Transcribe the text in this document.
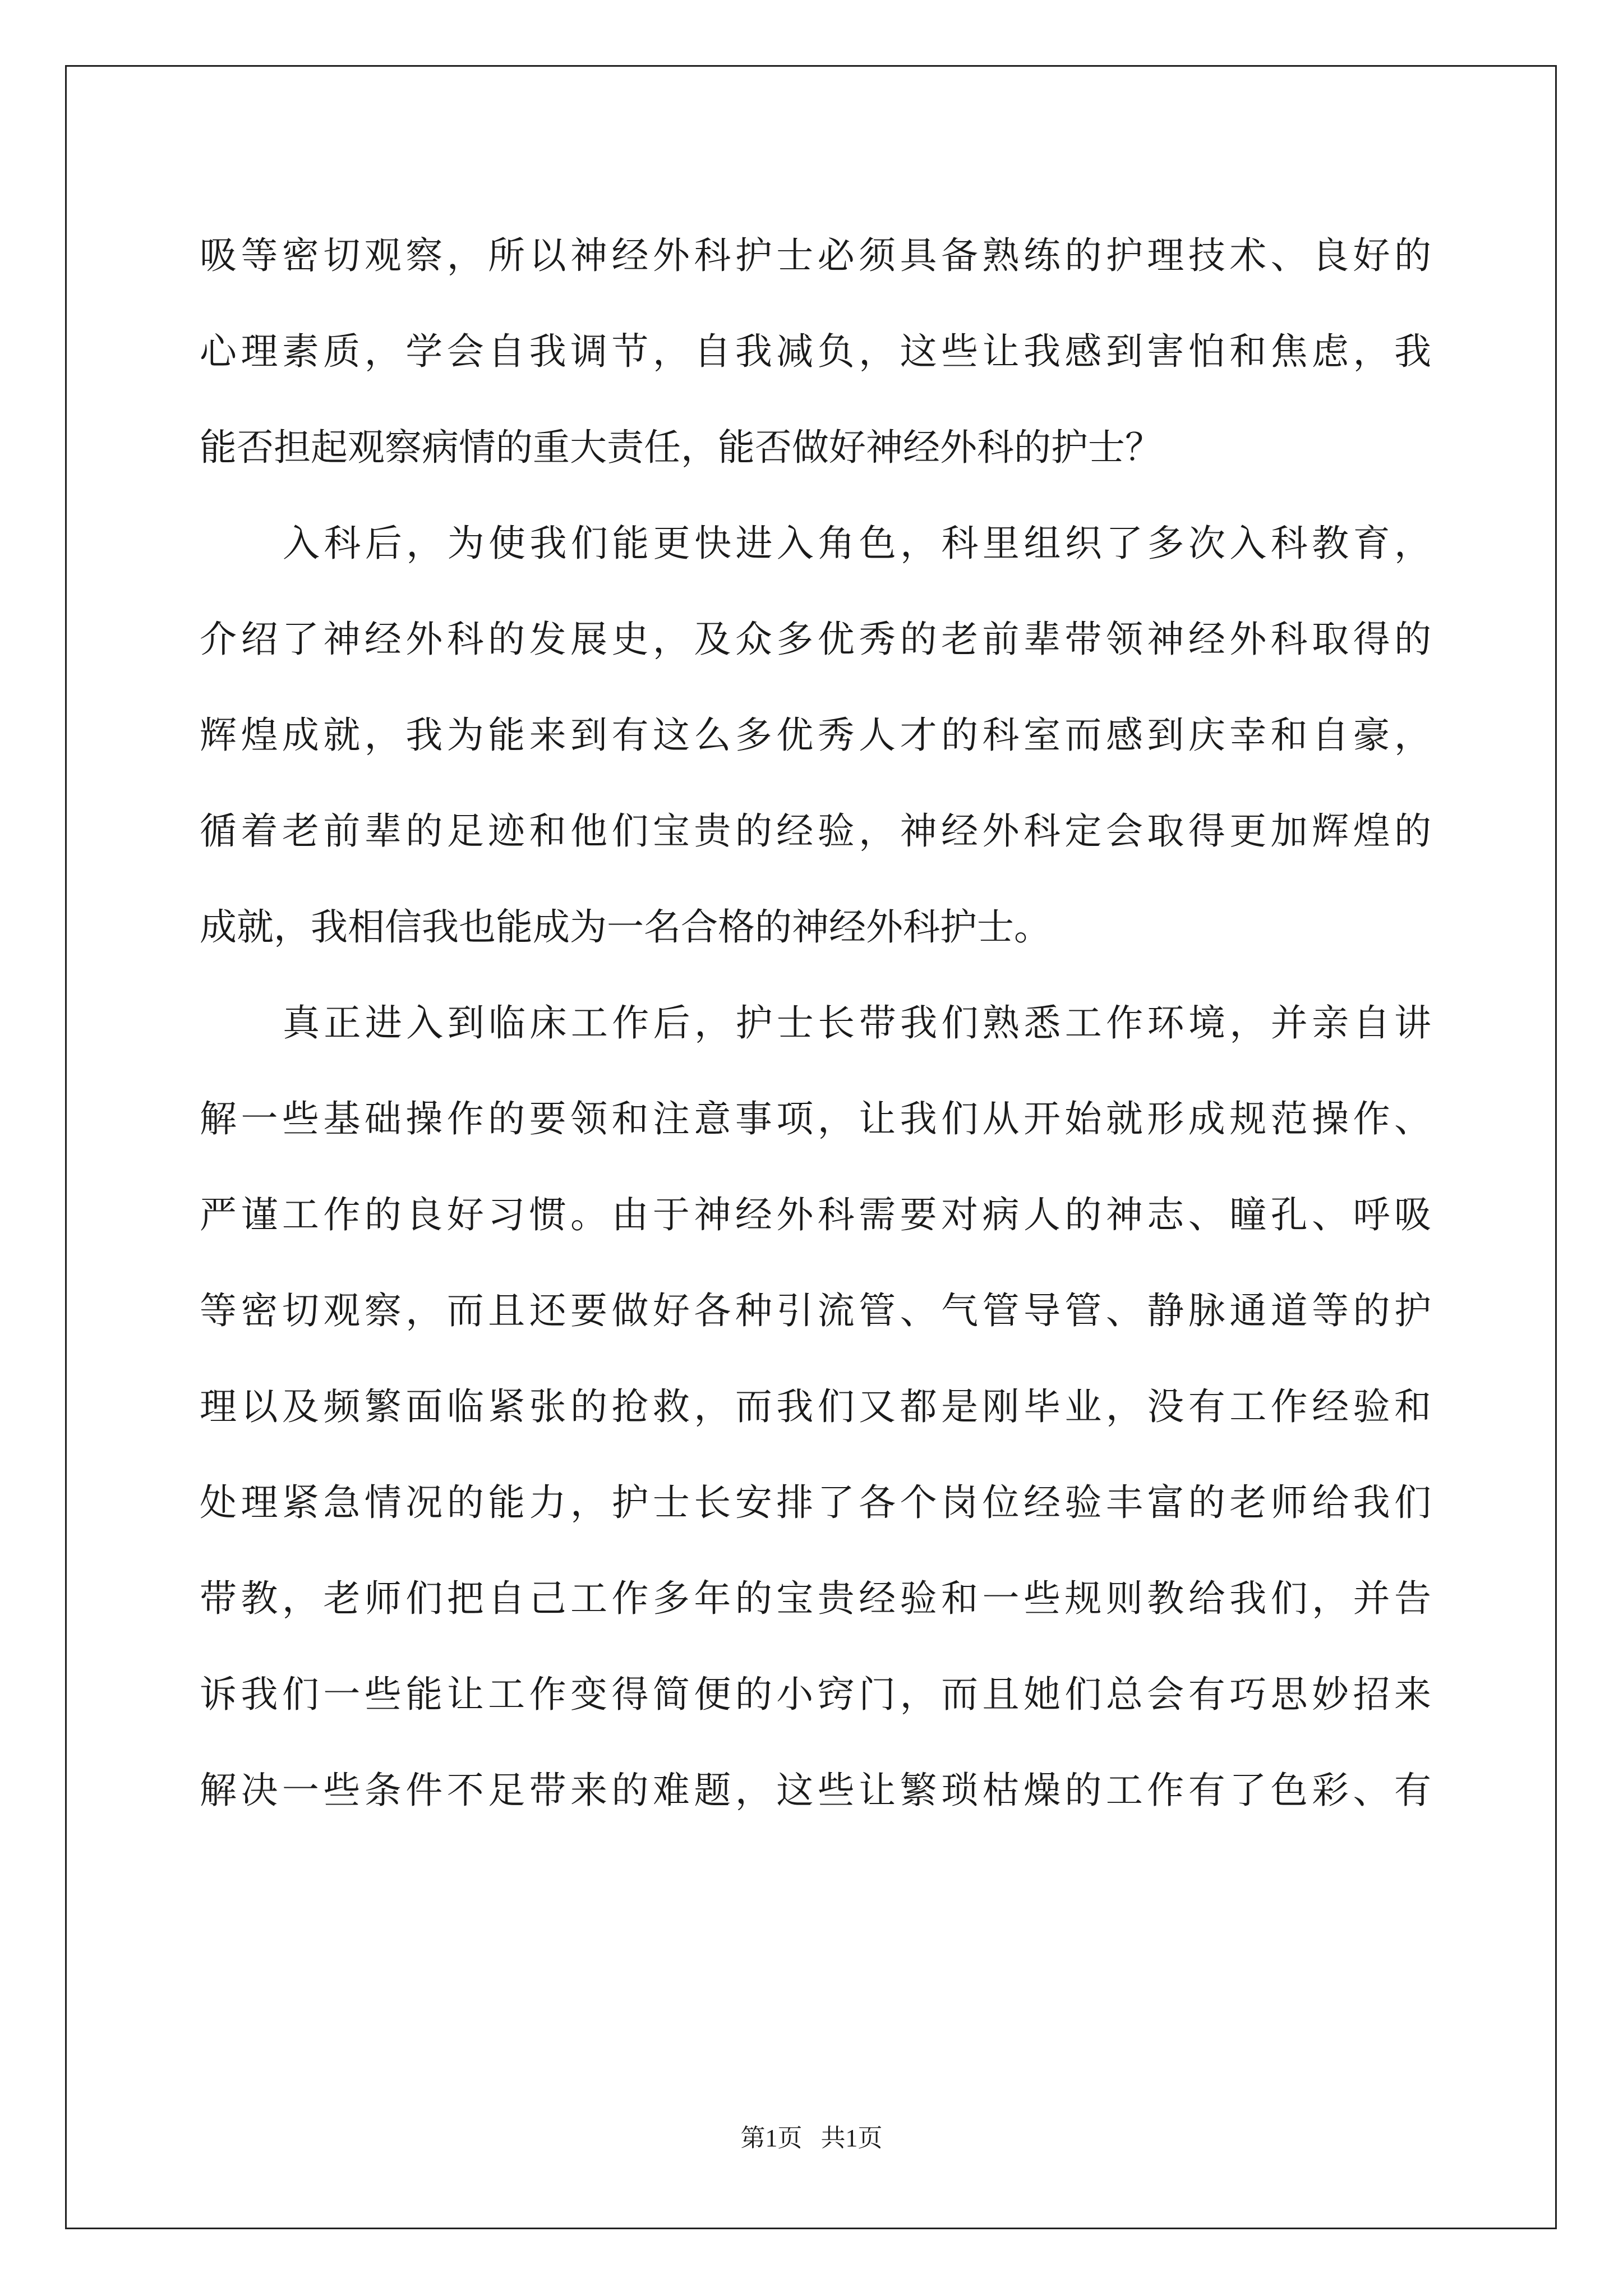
吸等密切观察，所以神经外科护士必须具备熟练的护理技术、良好的
心理素质，学会自我调节，自我减负，这些让我感到害怕和焦虑，我
能否担起观察病情的重大责任，能否做好神经外科的护士？
入科后，为使我们能更快进入角色，科里组织了多次入科教育，
介绍了神经外科的发展史，及众多优秀的老前辈带领神经外科取得的
辉煌成就，我为能来到有这么多优秀人才的科室而感到庆幸和自豪，
循着老前辈的足迹和他们宝贵的经验，神经外科定会取得更加辉煌的
成就，我相信我也能成为一名合格的神经外科护士。
真正进入到临床工作后，护士长带我们熟悉工作环境，并亲自讲
解一些基础操作的要领和注意事项，让我们从开始就形成规范操作、
严谨工作的良好习惯。由于神经外科需要对病人的神志、瞳孔、呼吸
等密切观察，而且还要做好各种引流管、气管导管、静脉通道等的护
理以及频繁面临紧张的抢救，而我们又都是刚毕业，没有工作经验和
处理紧急情况的能力，护士长安排了各个岗位经验丰富的老师给我们
带教，老师们把自己工作多年的宝贵经验和一些规则教给我们，并告
诉我们一些能让工作变得简便的小窍门，而且她们总会有巧思妙招来
解决一些条件不足带来的难题，这些让繁琐枯燥的工作有了色彩、有
第1页 共1页
